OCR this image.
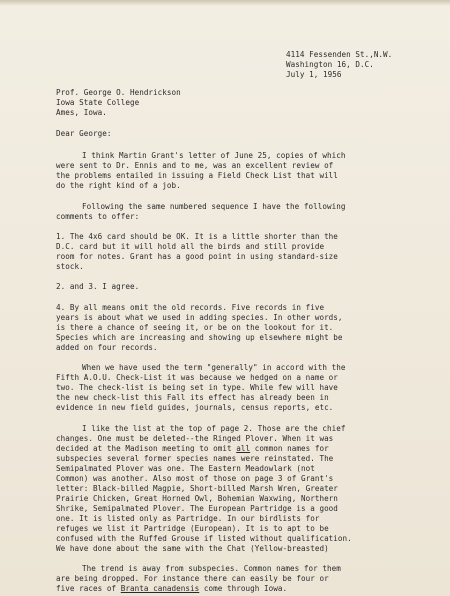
4114 Fessenden St.,N.W.
Washington 16, D.C.
July 1, 1956
Prof. George O. Hendrickson
Iowa State College
Ames, Iowa.
Dear George:
I think Martin Grant's letter of June 25, copies of which
were sent to Dr. Ennis and to me, was an excellent review of
the problems entailed in issuing a Field Check List that will
do the right kind of a job.
Following the same numbered sequence I have the following
comments to offer:
1. The 4x6 card should be OK. It is a little shorter than the
D.C. card but it will hold all the birds and still provide
room for notes. Grant has a good point in using standard-size
stock.
2. and 3. I agree.
4. By all means omit the old records. Five records in five
years is about what we used in adding species. In other words,
is there a chance of seeing it, or be on the lookout for it.
Species which are increasing and showing up elsewhere might be
added on four records.
When we have used the term "generally" in accord with the
Fifth A.O.U. Check-List it was because we hedged on a name or
two. The check-list is being set in type. While few will have
the new check-list this Fall its effect has already been in
evidence in new field guides, journals, census reports, etc.
I like the list at the top of page 2. Those are the chief
changes. One must be deleted--the Ringed Plover. When it was
decided at the Madison meeting to omit all common names for
subspecies several former species names were reinstated. The
Semipalmated Plover was one. The Eastern Meadowlark (not
Common) was another. Also most of those on page 3 of Grant's
letter: Black-billed Magpie, Short-billed Marsh Wren, Greater
Prairie Chicken, Great Horned Owl, Bohemian Waxwing, Northern
Shrike, Semipalmated Plover. The European Partridge is a good
one. It is listed only as Partridge. In our birdlists for
refuges we list it Partridge (European). It is to apt to be
confused with the Ruffed Grouse if listed without qualification.
We have done about the same with the Chat (Yellow-breasted)
The trend is away from subspecies. Common names for them
are being dropped. For instance there can easily be four or
five races of Branta canadensis come through Iowa.
